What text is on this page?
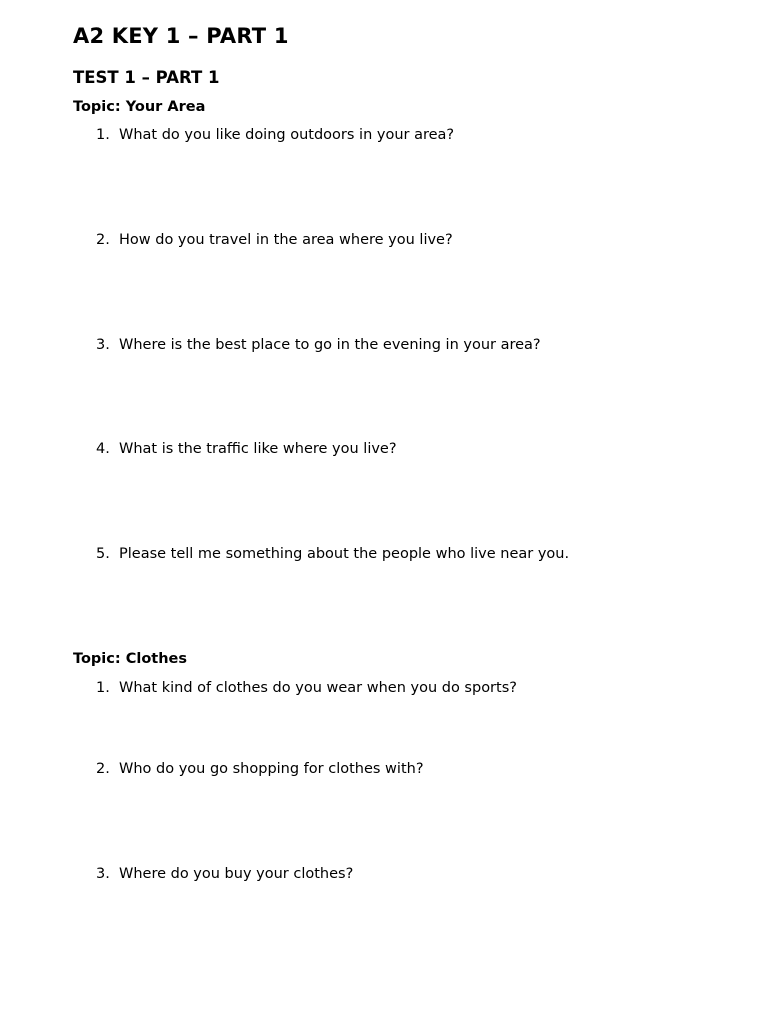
A2 KEY 1 – PART 1
TEST 1 – PART 1
Topic: Your Area
1. What do you like doing outdoors in your area?
2. How do you travel in the area where you live?
3. Where is the best place to go in the evening in your area?
4. What is the traffic like where you live?
5. Please tell me something about the people who live near you.
Topic: Clothes
1. What kind of clothes do you wear when you do sports?
2. Who do you go shopping for clothes with?
3. Where do you buy your clothes?
